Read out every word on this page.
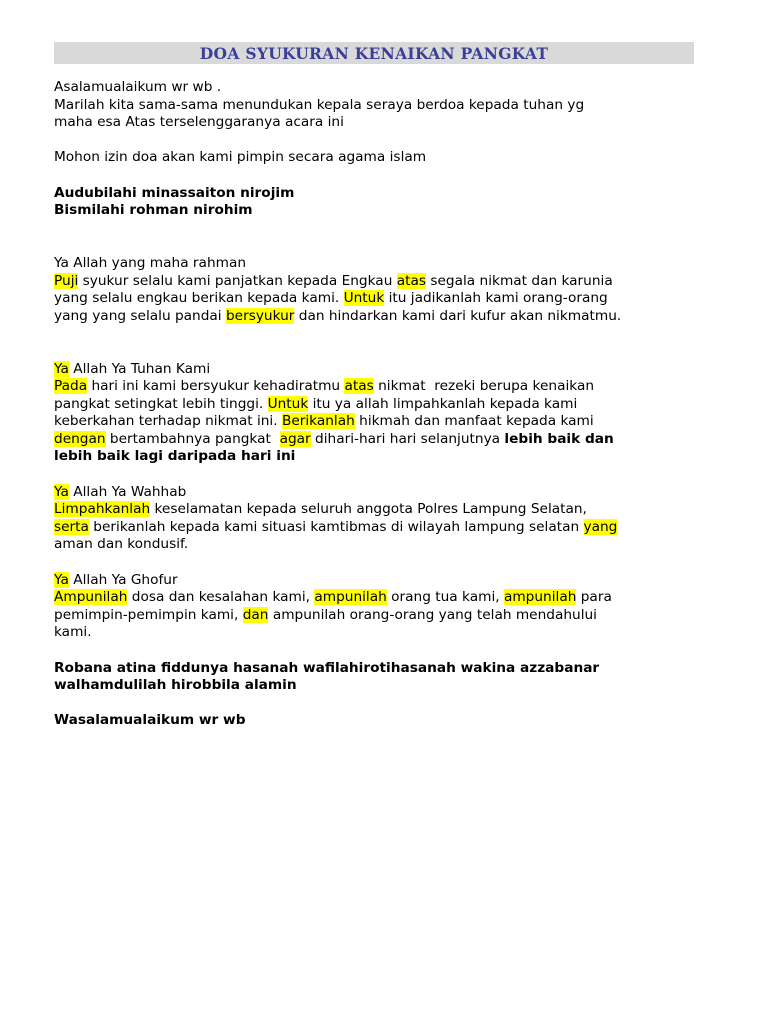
DOA SYUKURAN KENAIKAN PANGKAT
Asalamualaikum wr wb .
Marilah kita sama-sama menundukan kepala seraya berdoa kepada tuhan yg
maha esa Atas terselenggaranya acara ini
Mohon izin doa akan kami pimpin secara agama islam
Audubilahi minassaiton nirojim
Bismilahi rohman nirohim
Ya Allah yang maha rahman
Puji syukur selalu kami panjatkan kepada Engkau atas segala nikmat dan karunia
yang selalu engkau berikan kepada kami. Untuk itu jadikanlah kami orang-orang
yang yang selalu pandai bersyukur dan hindarkan kami dari kufur akan nikmatmu.
Ya Allah Ya Tuhan Kami
Pada hari ini kami bersyukur kehadiratmu atas nikmat  rezeki berupa kenaikan
pangkat setingkat lebih tinggi. Untuk itu ya allah limpahkanlah kepada kami
keberkahan terhadap nikmat ini. Berikanlah hikmah dan manfaat kepada kami
dengan bertambahnya pangkat  agar dihari-hari hari selanjutnya lebih baik dan
lebih baik lagi daripada hari ini
Ya Allah Ya Wahhab
Limpahkanlah keselamatan kepada seluruh anggota Polres Lampung Selatan,
serta berikanlah kepada kami situasi kamtibmas di wilayah lampung selatan yang
aman dan kondusif.
Ya Allah Ya Ghofur
Ampunilah dosa dan kesalahan kami, ampunilah orang tua kami, ampunilah para
pemimpin-pemimpin kami, dan ampunilah orang-orang yang telah mendahului
kami.
Robana atina fiddunya hasanah wafilahirotihasanah wakina azzabanar
walhamdulilah hirobbila alamin
Wasalamualaikum wr wb
